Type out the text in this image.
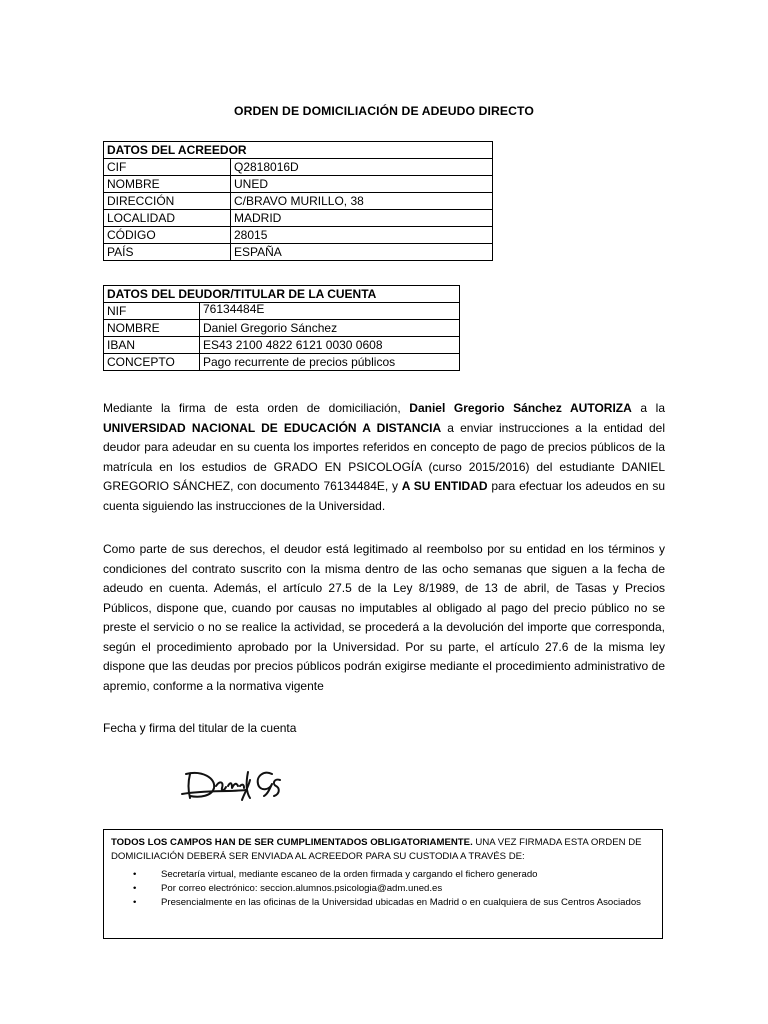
ORDEN DE DOMICILIACIÓN DE ADEUDO DIRECTO
DATOS DEL ACREEDOR	
CIF	Q2818016D
NOMBRE	UNED
DIRECCIÓN	C/BRAVO MURILLO, 38
LOCALIDAD	MADRID
CÓDIGO	28015
PAÍS	ESPAÑA
DATOS DEL DEUDOR/TITULAR DE LA CUENTA	
NIF	76134484E
NOMBRE	Daniel Gregorio Sánchez
IBAN	ES43 2100 4822 6121 0030 0608
CONCEPTO	Pago recurrente de precios públicos
Mediante la firma de esta orden de domiciliación, Daniel Gregorio Sánchez AUTORIZA a la UNIVERSIDAD NACIONAL DE EDUCACIÓN A DISTANCIA a enviar instrucciones a la entidad del deudor para adeudar en su cuenta los importes referidos en concepto de pago de precios públicos de la matrícula en los estudios de GRADO EN PSICOLOGÍA (curso 2015/2016) del estudiante DANIEL GREGORIO SÁNCHEZ, con documento 76134484E, y A SU ENTIDAD para efectuar los adeudos en su cuenta siguiendo las instrucciones de la Universidad.
Como parte de sus derechos, el deudor está legitimado al reembolso por su entidad en los términos y condiciones del contrato suscrito con la misma dentro de las ocho semanas que siguen a la fecha de adeudo en cuenta. Además, el artículo 27.5 de la Ley 8/1989, de 13 de abril, de Tasas y Precios Públicos, dispone que, cuando por causas no imputables al obligado al pago del precio público no se preste el servicio o no se realice la actividad, se procederá a la devolución del importe que corresponda, según el procedimiento aprobado por la Universidad. Por su parte, el artículo 27.6 de la misma ley dispone que las deudas por precios públicos podrán exigirse mediante el procedimiento administrativo de apremio, conforme a la normativa vigente
Fecha y firma del titular de la cuenta
TODOS LOS CAMPOS HAN DE SER CUMPLIMENTADOS OBLIGATORIAMENTE. UNA VEZ FIRMADA ESTA ORDEN DE DOMICILIACIÓN DEBERÁ SER ENVIADA AL ACREEDOR PARA SU CUSTODIA A TRAVÉS DE:
•	Secretaría virtual, mediante escaneo de la orden firmada y cargando el fichero generado
•	Por correo electrónico: seccion.alumnos.psicologia@adm.uned.es
•	Presencialmente en las oficinas de la Universidad ubicadas en Madrid o en cualquiera de sus Centros Asociados
